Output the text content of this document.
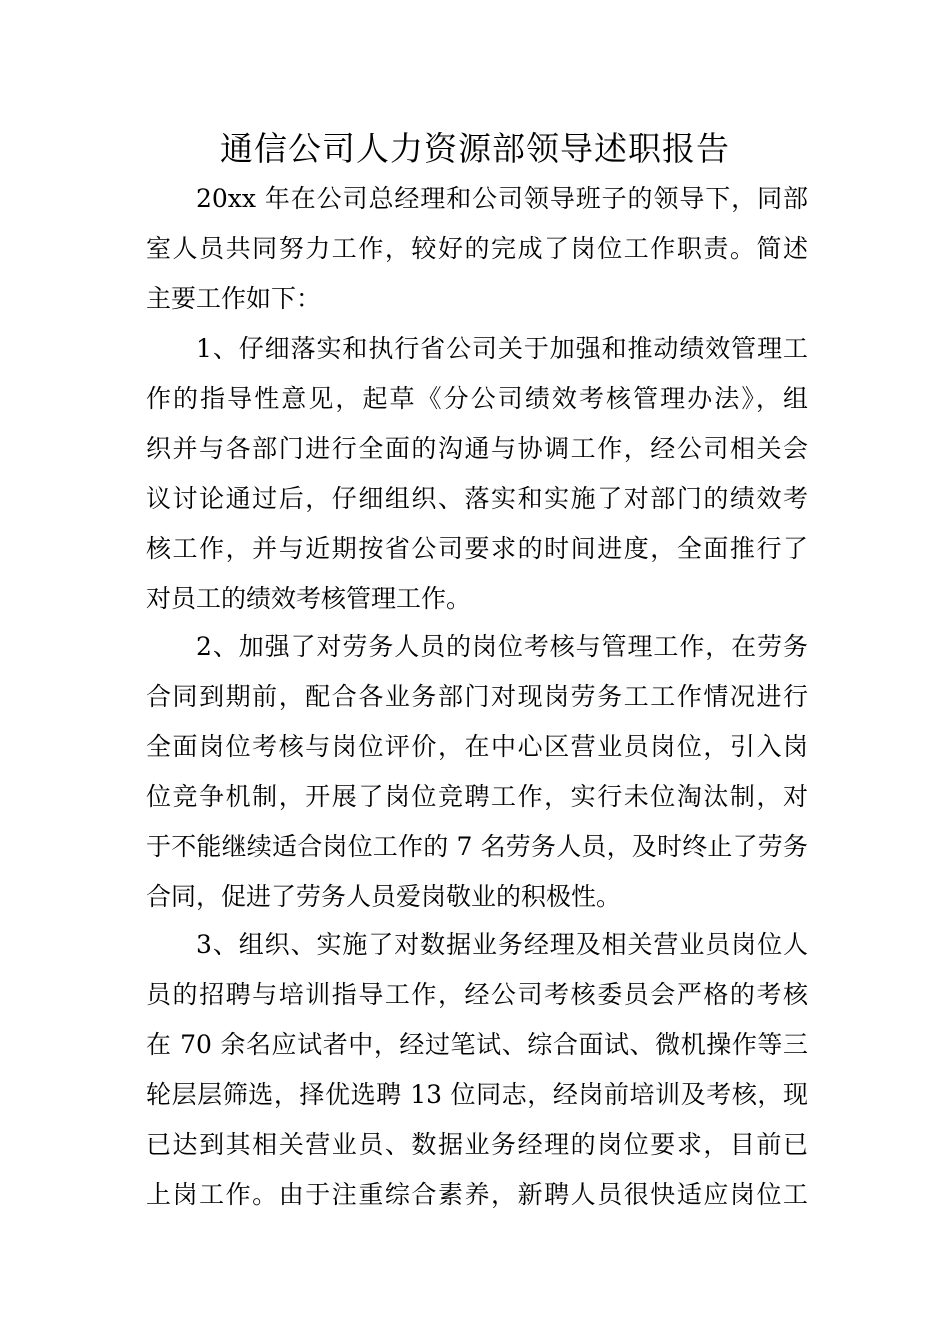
通信公司人力资源部领导述职报告
20xx 年在公司总经理和公司领导班子的领导下，同部
室人员共同努力工作，较好的完成了岗位工作职责。简述
主要工作如下：
1、仔细落实和执行省公司关于加强和推动绩效管理工
作的指导性意见，起草《分公司绩效考核管理办法》，组
织并与各部门进行全面的沟通与协调工作，经公司相关会
议讨论通过后，仔细组织、落实和实施了对部门的绩效考
核工作，并与近期按省公司要求的时间进度，全面推行了
对员工的绩效考核管理工作。
2、加强了对劳务人员的岗位考核与管理工作，在劳务
合同到期前，配合各业务部门对现岗劳务工工作情况进行
全面岗位考核与岗位评价，在中心区营业员岗位，引入岗
位竞争机制，开展了岗位竞聘工作，实行未位淘汰制，对
于不能继续适合岗位工作的 7 名劳务人员，及时终止了劳务
合同，促进了劳务人员爱岗敬业的积极性。
3、组织、实施了对数据业务经理及相关营业员岗位人
员的招聘与培训指导工作，经公司考核委员会严格的考核
在 70 余名应试者中，经过笔试、综合面试、微机操作等三
轮层层筛选，择优选聘 13 位同志，经岗前培训及考核，现
已达到其相关营业员、数据业务经理的岗位要求，目前已
上岗工作。由于注重综合素养，新聘人员很快适应岗位工
